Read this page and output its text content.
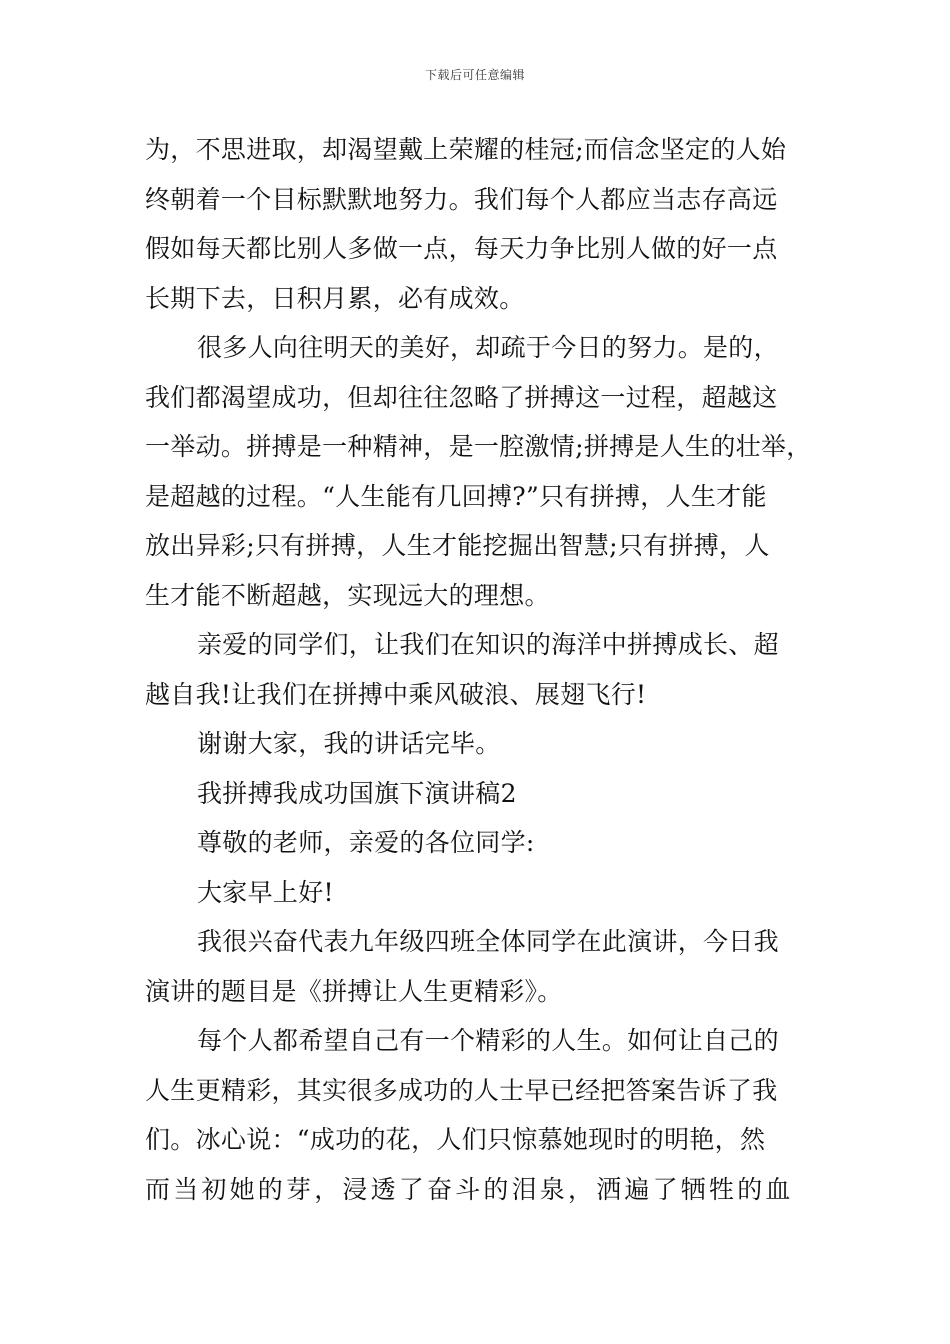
下载后可任意编辑
为，不思进取，却渴望戴上荣耀的桂冠;而信念坚定的人始
终朝着一个目标默默地努力。我们每个人都应当志存高远
假如每天都比别人多做一点，每天力争比别人做的好一点
长期下去，日积月累，必有成效。
很多人向往明天的美好，却疏于今日的努力。是的，
我们都渴望成功，但却往往忽略了拼搏这一过程，超越这
一举动。拼搏是一种精神，是一腔激情;拼搏是人生的壮举，
是超越的过程。“人生能有几回搏?”只有拼搏，人生才能
放出异彩;只有拼搏，人生才能挖掘出智慧;只有拼搏，人
生才能不断超越，实现远大的理想。
亲爱的同学们，让我们在知识的海洋中拼搏成长、超
越自我!让我们在拼搏中乘风破浪、展翅飞行!
谢谢大家，我的讲话完毕。
我拼搏我成功国旗下演讲稿2
尊敬的老师，亲爱的各位同学:
大家早上好!
我很兴奋代表九年级四班全体同学在此演讲，今日我
演讲的题目是《拼搏让人生更精彩》。
每个人都希望自己有一个精彩的人生。如何让自己的
人生更精彩，其实很多成功的人士早已经把答案告诉了我
们。冰心说：“成功的花，人们只惊慕她现时的明艳，然
而当初她的芽，浸透了奋斗的泪泉，洒遍了牺牲的血
